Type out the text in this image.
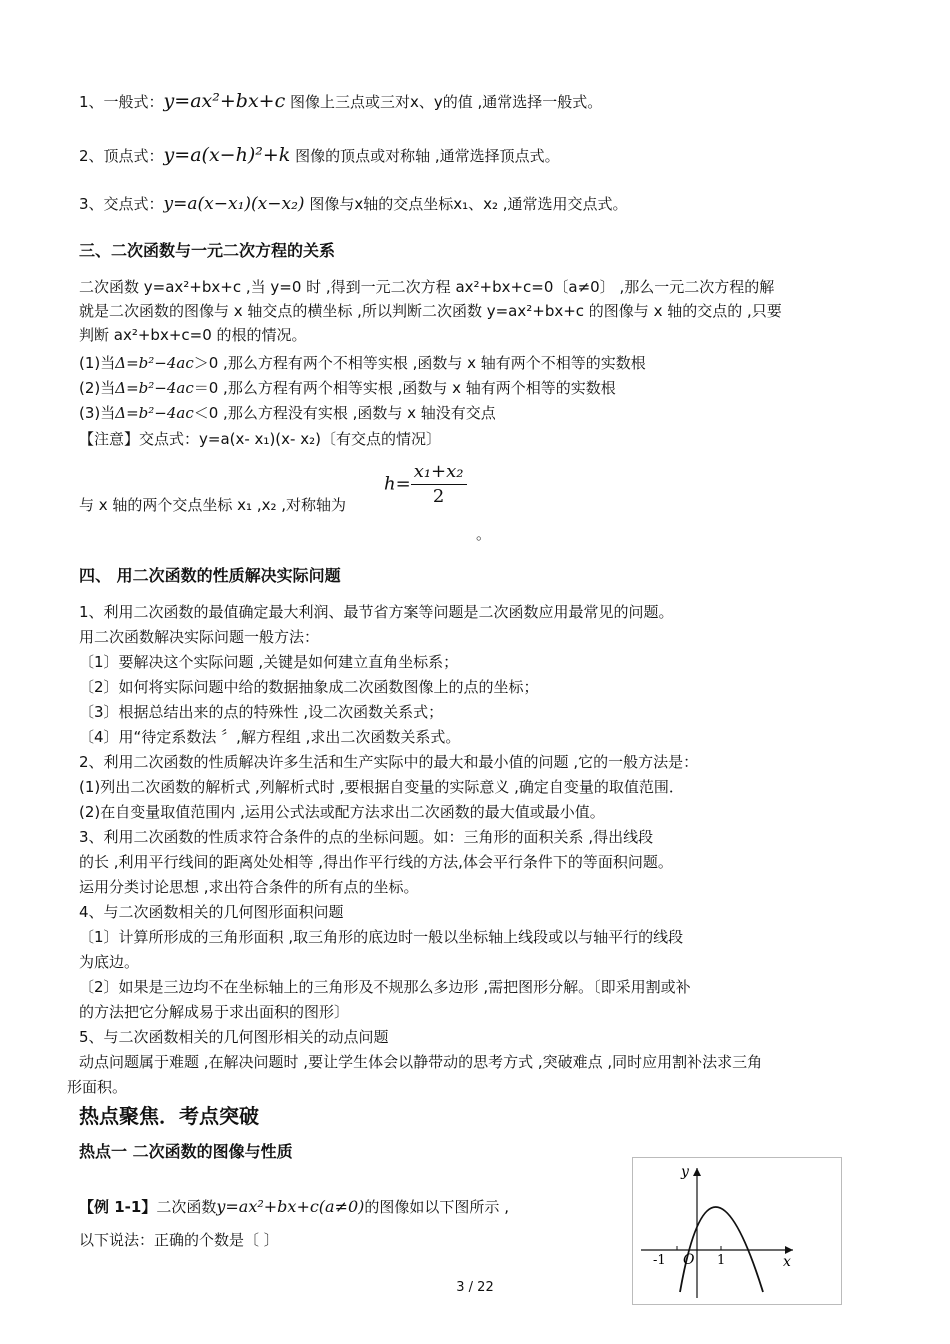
1、一般式：y=ax²+bx+c 图像上三点或三对x、y的值 ,通常选择一般式。
2、顶点式：y=a(x−h)²+k 图像的顶点或对称轴 ,通常选择顶点式。
3、交点式：y=a(x−x₁)(x−x₂) 图像与x轴的交点坐标x₁、x₂ ,通常选用交点式。
三、二次函数与一元二次方程的关系
二次函数 y=ax²+bx+c ,当 y=0 时 ,得到一元二次方程 ax²+bx+c=0〔a≠0〕 ,那么一元二次方程的解
就是二次函数的图像与 x 轴交点的横坐标 ,所以判断二次函数 y=ax²+bx+c 的图像与 x 轴的交点的 ,只要
判断 ax²+bx+c=0 的根的情况。
(1)当Δ=b²−4ac＞0 ,那么方程有两个不相等实根 ,函数与 x 轴有两个不相等的实数根
(2)当Δ=b²−4ac＝0 ,那么方程有两个相等实根 ,函数与 x 轴有两个相等的实数根
(3)当Δ=b²−4ac＜0 ,那么方程没有实根 ,函数与 x 轴没有交点
【注意】交点式：y=a(x- x₁)(x- x₂)〔有交点的情况〕
与 x 轴的两个交点坐标 x₁ ,x₂ ,对称轴为
$h= \frac{\text{x₁+x₂}}{2}$
。
四、 用二次函数的性质解决实际问题
1、利用二次函数的最值确定最大利润、最节省方案等问题是二次函数应用最常见的问题。
用二次函数解决实际问题一般方法：
〔1〕要解决这个实际问题 ,关键是如何建立直角坐标系；
〔2〕如何将实际问题中给的数据抽象成二次函数图像上的点的坐标；
〔3〕根据总结出来的点的特殊性 ,设二次函数关系式；
〔4〕用“待定系数法 〞,解方程组 ,求出二次函数关系式。
2、利用二次函数的性质解决许多生活和生产实际中的最大和最小值的问题 ,它的一般方法是：
(1)列出二次函数的解析式 ,列解析式时 ,要根据自变量的实际意义 ,确定自变量的取值范围．
(2)在自变量取值范围内 ,运用公式法或配方法求出二次函数的最大值或最小值。
3、利用二次函数的性质求符合条件的点的坐标问题。如：三角形的面积关系 ,得出线段
的长 ,利用平行线间的距离处处相等 ,得出作平行线的方法,体会平行条件下的等面积问题。
运用分类讨论思想 ,求出符合条件的所有点的坐标。
4、与二次函数相关的几何图形面积问题
〔1〕计算所形成的三角形面积 ,取三角形的底边时一般以坐标轴上线段或以与轴平行的线段
为底边。
〔2〕如果是三边均不在坐标轴上的三角形及不规那么多边形 ,需把图形分解。〔即采用割或补
的方法把它分解成易于求出面积的图形〕
5、与二次函数相关的几何图形相关的动点问题
动点问题属于难题 ,在解决问题时 ,要让学生体会以静带动的思考方式 ,突破难点 ,同时应用割补法求三角
形面积。
热点聚焦．考点突破
热点一 二次函数的图像与性质
【例 1-1】二次函数y=ax²+bx+c(a≠0)的图像如以下图所示 ,
以下说法：正确的个数是〔 〕
y
x
O
-1	1
3 / 22
